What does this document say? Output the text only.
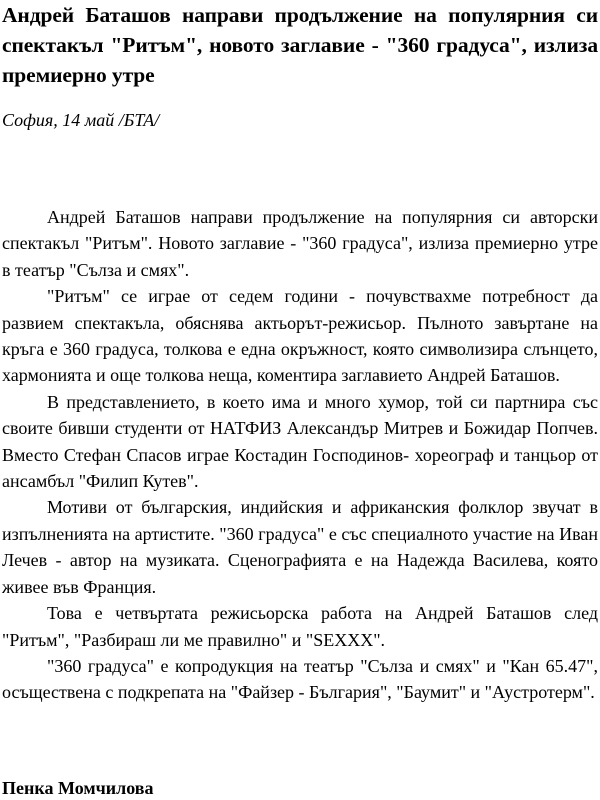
Андрей Баташов направи продължение на популярния си спектакъл "Ритъм", новото заглавие - "360 градуса", излиза премиерно утре

София, 14 май /БТА/

Андрей Баташов направи продължение на популярния си авторски спектакъл "Ритъм". Новото заглавие - "360 градуса", излиза премиерно утре в театър "Сълза и смях".

"Ритъм" се играе от седем години - почувствахме потребност да развием спектакъла, обяснява актьорът-режисьор. Пълното завъртане на кръга е 360 градуса, толкова е една окръжност, която символизира слънцето, хармонията и още толкова неща, коментира заглавието Андрей Баташов.

В представлението, в което има и много хумор, той си партнира със своите бивши студенти от НАТФИЗ Александър Митрев и Божидар Попчев. Вместо Стефан Спасов играе Костадин Господинов- хореограф и танцьор от ансамбъл "Филип Кутев".

Мотиви от българския, индийския и африканския фолклор звучат в изпълненията на артистите. "360 градуса" е със специалното участие на Иван Лечев - автор на музиката. Сценографията е на Надежда Василева, която живее във Франция.

Това е четвъртата режисьорска работа на Андрей Баташов след "Ритъм", "Разбираш ли ме правилно" и "SEXXX".

"360 градуса" е копродукция на театър "Сълза и смях" и "Кан 65.47", осъществена с подкрепата на "Файзер - България", "Баумит" и "Аустротерм".

Пенка Момчилова
